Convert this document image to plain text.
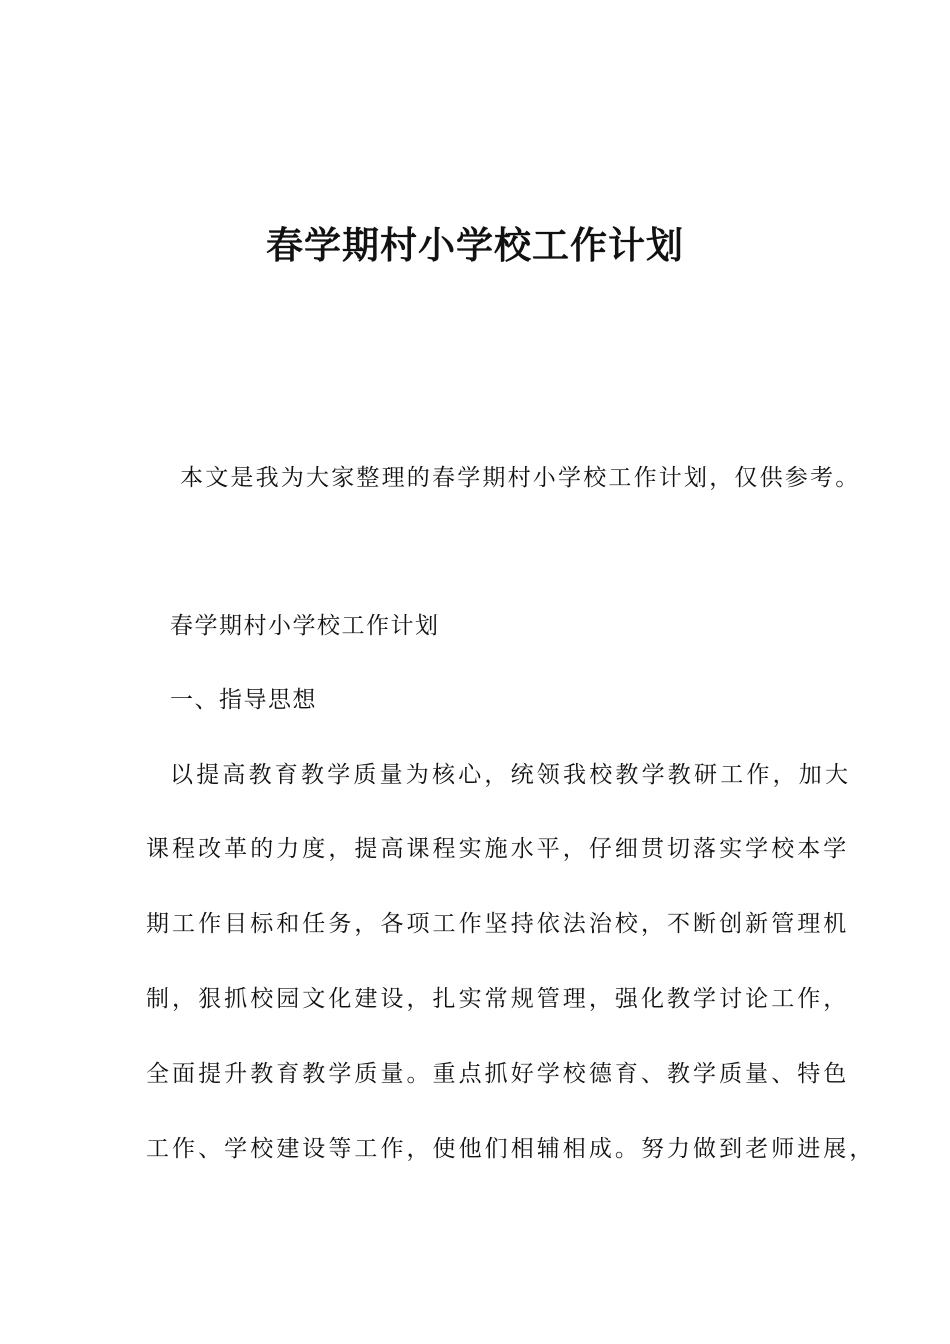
春学期村小学校工作计划

本文是我为大家整理的春学期村小学校工作计划，仅供参考。

春学期村小学校工作计划

一、指导思想

以提高教育教学质量为核心，统领我校教学教研工作，加大

课程改革的力度，提高课程实施水平，仔细贯切落实学校本学

期工作目标和任务，各项工作坚持依法治校，不断创新管理机

制，狠抓校园文化建设，扎实常规管理，强化教学讨论工作，

全面提升教育教学质量。重点抓好学校德育、教学质量、特色

工作、学校建设等工作，使他们相辅相成。努力做到老师进展，
